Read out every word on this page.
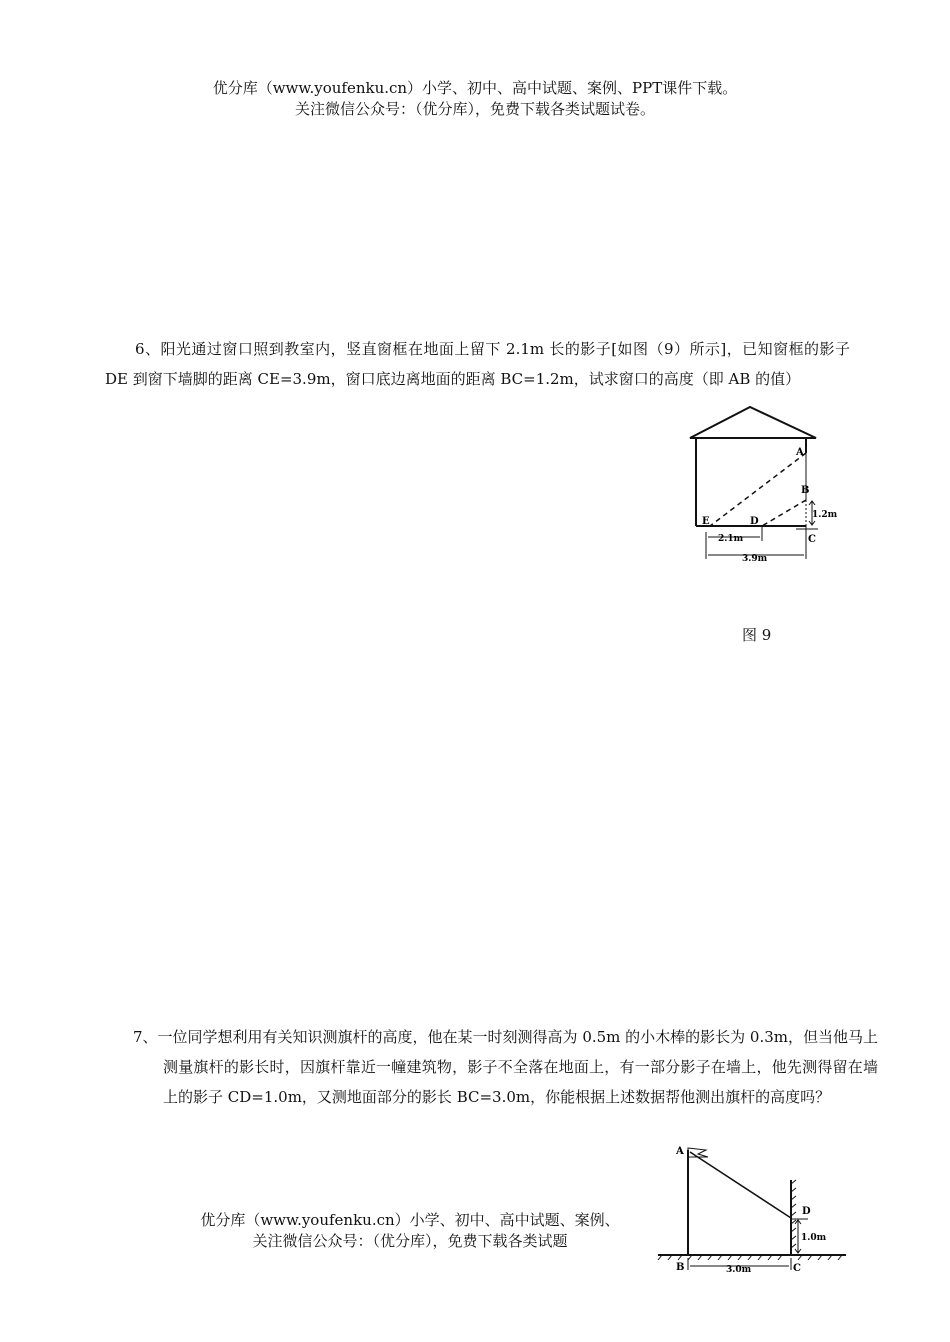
优分库（www.youfenku.cn）小学、初中、高中试题、案例、PPT课件下载。
关注微信公众号：（优分库），免费下载各类试题试卷。
6、阳光通过窗口照到教室内，竖直窗框在地面上留下 2.1m 长的影子[如图（9）所示]，已知窗框的影子 DE 到窗下墙脚的距离 CE=3.9m，窗口底边离地面的距离 BC=1.2m，试求窗口的高度（即 AB 的值）
A
B
C
D
E
2.1m
3.9m
1.2m
图 9
7、一位同学想利用有关知识测旗杆的高度，他在某一时刻测得高为 0.5m 的小木棒的影长为 0.3m，但当他马上测量旗杆的影长时，因旗杆靠近一幢建筑物，影子不全落在地面上，有一部分影子在墙上，他先测得留在墙上的影子 CD=1.0m，又测地面部分的影长 BC=3.0m，你能根据上述数据帮他测出旗杆的高度吗？
A
B	C
D
3.0m
1.0m
优分库（www.youfenku.cn）小学、初中、高中试题、案例、
关注微信公众号：（优分库），免费下载各类试题
